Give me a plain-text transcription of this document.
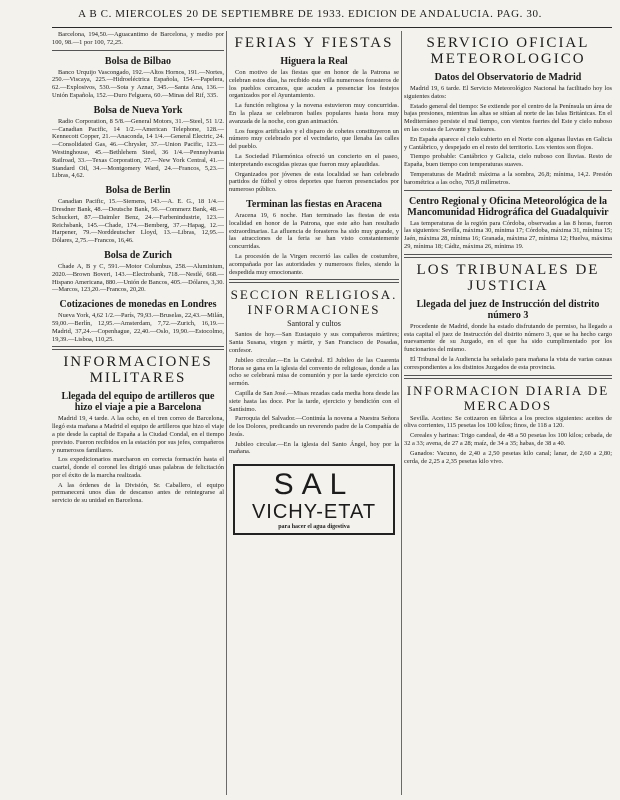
A B C. MIERCOLES 20 DE SEPTIEMBRE DE 1933. EDICION DE ANDALUCIA. PAG. 30.

Barcelona, 194,50.—Aguacantimo de Barcelona, y medio por 100, 98.—1 por 100, 72,25.

Bolsa de Bilbao

Banco Urquijo Vascongado, 192.—Altos Hornos, 191.—Nortes, 250.—Viscaya, 225.—Hidroeléctrica Española, 154.—Papelera, 62.—Explosivos, 530.—Sota y Aznar, 345.—Santa Ana, 136.—Unión Española, 152.—Duro Felguera, 60.—Minas del Rif, 335.

Bolsa de Nueva York

Radio Corporation, 8 5/8.—General Motors, 31.—Steel, 51 1/2.—Canadian Pacific, 14 1/2.—American Telephone, 128.—Kennecott Copper, 21.—Anaconda, 14 1/4.—General Electric, 24.—Consolidated Gas, 46.—Chrysler, 37.—Union Pacific, 123.—Westinghouse, 45.—Bethlehem Steel, 36 1/4.—Pennsylvania Railroad, 33.—Texas Corporation, 27.—New York Central, 41.—Standard Oil, 34.—Montgomery Ward, 24.—Francos, 5,23.—Libras, 4,62.

Bolsa de Berlin

Canadian Pacific, 15.—Siemens, 143.—A. E. G., 18 1/4.—Dresdner Bank, 48.—Deutsche Bank, 56.—Commerz Bank, 48.—Schuckert, 87.—Daimler Benz, 24.—Farbenindustrie, 123.—Reichsbank, 145.—Chade, 174.—Bemberg, 37.—Hapag, 12.—Harpener, 79.—Norddeutscher Lloyd, 13.—Libras, 12,95.—Dólares, 2,75.—Francos, 16,46.

Bolsa de Zurich

Chade A, B y C, 591.—Motor Columbus, 258.—Aluminium, 2020.—Brown Boveri, 143.—Electrobank, 718.—Nestlé, 668.—Hispano Americana, 880.—Unión de Bancos, 405.—Dólares, 3,30.—Marcos, 123,20.—Francos, 20,20.

Cotizaciones de monedas en Londres

Nueva York, 4,62 1/2.—París, 79,93.—Bruselas, 22,43.—Milán, 59,00.—Berlín, 12,95.—Amsterdam, 7,72.—Zurich, 16,19.—Madrid, 37,24.—Copenhague, 22,40.—Oslo, 19,90.—Estocolmo, 19,39.—Lisboa, 110,25.

INFORMACIONES MILITARES
Llegada del equipo de artilleros que hizo el viaje a pie a Barcelona

Madrid 19, 4 tarde. A las ocho, en el tren correo de Barcelona, llegó esta mañana a Madrid el equipo de artilleros que hizo el viaje a pie desde la capital de España a la Ciudad Condal, en el tiempo previsto. Fueron recibidos en la estación por sus jefes, compañeros y numerosos familiares.

Los expedicionarios marcharon en correcta formación hasta el cuartel, donde el coronel les dirigió unas palabras de felicitación por el éxito de la marcha realizada.

A las órdenes de la División, Sr. Caballero, el equipo permanecerá unos días de descanso antes de reintegrarse al servicio de su unidad en Barcelona.

FERIAS Y FIESTAS
Higuera la Real

Con motivo de las fiestas que en honor de la Patrona se celebran estos días, ha recibido esta villa numerosos forasteros de los pueblos cercanos, que acuden a presenciar los festejos organizados por el Ayuntamiento.

La función religiosa y la novena estuvieron muy concurridas. En la plaza se celebraron bailes populares hasta hora muy avanzada de la noche, con gran animación.

Los fuegos artificiales y el disparo de cohetes constituyeron un número muy celebrado por el vecindario, que llenaba las calles del pueblo.

La Sociedad Filarmónica ofreció un concierto en el paseo, interpretando escogidas piezas que fueron muy aplaudidas.

Organizados por jóvenes de esta localidad se han celebrado partidos de fútbol y otros deportes que fueron presenciados por numeroso público.

Terminan las fiestas en Aracena

Aracena 19, 6 noche. Han terminado las fiestas de esta localidad en honor de la Patrona, que este año han resultado extraordinarias. La afluencia de forasteros ha sido muy grande, y las atracciones de la feria se han visto constantemente concurridas.

La procesión de la Virgen recorrió las calles de costumbre, acompañada por las autoridades y numerosos fieles, siendo la despedida muy emocionante.

SECCION RELIGIOSA. INFORMACIONES
Santoral y cultos

Santos de hoy.—San Eustaquio y sus compañeros mártires; Santa Susana, virgen y mártir, y San Francisco de Posadas, confesor.

Jubileo circular.—En la Catedral. El Jubileo de las Cuarenta Horas se gana en la iglesia del convento de religiosas, donde a las ocho se celebrará misa de comunión y por la tarde ejercicio con sermón.

Capilla de San José.—Misas rezadas cada media hora desde las siete hasta las doce. Por la tarde, ejercicio y bendición con el Santísimo.

Parroquia del Salvador.—Continúa la novena a Nuestra Señora de los Dolores, predicando un reverendo padre de la Compañía de Jesús.

Jubileo circular.—En la iglesia del Santo Ángel, hoy por la mañana.

SAL
VICHY-ETAT
para hacer el agua digestiva
SERVICIO OFICIAL METEOROLOGICO
Datos del Observatorio de Madrid

Madrid 19, 6 tarde. El Servicio Meteorológico Nacional ha facilitado hoy los siguientes datos:

Estado general del tiempo: Se extiende por el centro de la Península un área de bajas presiones, mientras las altas se sitúan al norte de las Islas Británicas. En el Mediterráneo persiste el mal tiempo, con vientos fuertes del Este y cielo nuboso en las costas de Levante y Baleares.

En España aparece el cielo cubierto en el Norte con algunas lluvias en Galicia y Cantábrico, y despejado en el resto del territorio. Los vientos son flojos.

Tiempo probable: Cantábrico y Galicia, cielo nuboso con lluvias. Resto de España, buen tiempo con temperaturas suaves.

Temperaturas de Madrid: máxima a la sombra, 26,8; mínima, 14,2. Presión barométrica a las ocho, 705,8 milímetros.

Centro Regional y Oficina Meteorológica de la Mancomunidad Hidrográfica del Guadalquivir

Las temperaturas de la región para Córdoba, observadas a las 8 horas, fueron las siguientes: Sevilla, máxima 30, mínima 17; Córdoba, máxima 31, mínima 15; Jaén, máxima 28, mínima 16; Granada, máxima 27, mínima 12; Huelva, máxima 29, mínima 18; Cádiz, máxima 26, mínima 19.

LOS TRIBUNALES DE JUSTICIA
Llegada del juez de Instrucción del distrito número 3

Procedente de Madrid, donde ha estado disfrutando de permiso, ha llegado a esta capital el juez de Instrucción del distrito número 3, que se ha hecho cargo nuevamente de su Juzgado, en el que ha sido cumplimentado por los funcionarios del mismo.

El Tribunal de la Audiencia ha señalado para mañana la vista de varias causas correspondientes a los distintos Juzgados de esta provincia.

INFORMACION DIARIA DE MERCADOS

Sevilla. Aceites: Se cotizaron en fábrica a los precios siguientes: aceites de oliva corrientes, 115 pesetas los 100 kilos; finos, de 118 a 120.

Cereales y harinas: Trigo candeal, de 48 a 50 pesetas los 100 kilos; cebada, de 32 a 33; avena, de 27 a 28; maíz, de 34 a 35; habas, de 38 a 40.

Ganados: Vacuno, de 2,40 a 2,50 pesetas kilo canal; lanar, de 2,60 a 2,80; cerda, de 2,25 a 2,35 pesetas kilo vivo.
